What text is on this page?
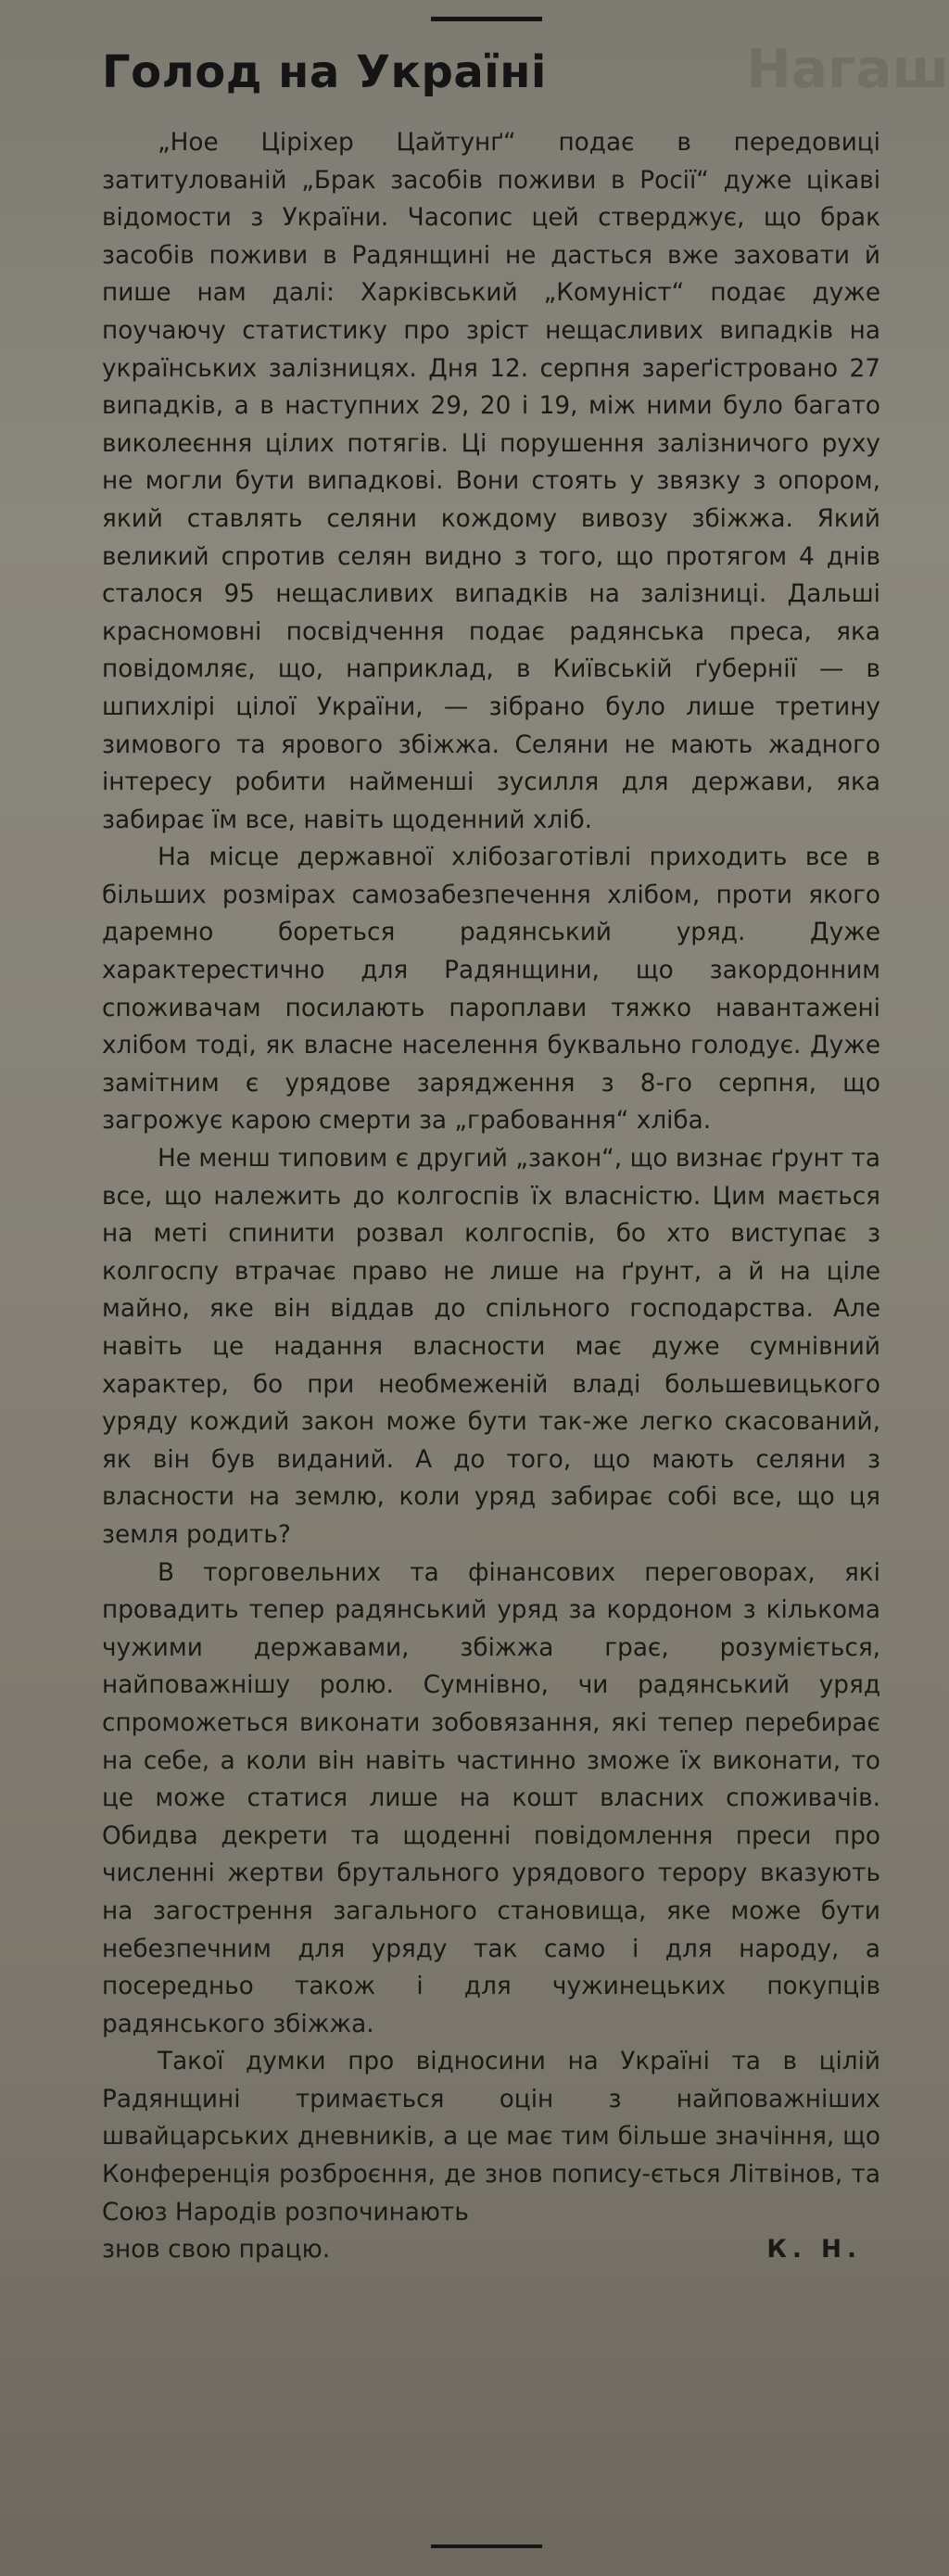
Нагаш
Голод на Україні

„Ное Ціріхер Цайтунґ“ подає в передовиці затитулованій „Брак засобів поживи в Росії“ дуже цікаві відомости з України. Часопис цей стверджує, що брак засобів поживи в Радянщині не дасться вже заховати й пише нам далі: Харківський „Комуніст“ подає дуже поучаючу статистику про зріст нещасливих випадків на українських залізницях. Дня 12. серпня зареґістровано 27 випадків, а в наступних 29, 20 і 19, між ними було багато виколеєння цілих потягів. Ці порушення залізничого руху не могли бути випадкові. Вони стоять у звязку з опором, який ставлять селяни кождому вивозу збіжжа. Який великий спротив селян видно з того, що протягом 4 днів сталося 95 нещасливих випадків на залізниці. Дальші красномовні посвідчення подає радянська преса, яка повідомляє, що, наприклад, в Київській ґуберніï — в шпихлірі цілої України, — зібрано було лише третину зимового та ярового збіжжа. Селяни не мають жадного інтересу робити найменші зусилля для держави, яка забирає їм все, навіть щоденний хліб.

На місце державної хлібозаготівлі приходить все в більших розмірах самозабезпечення хлібом, проти якого даремно бореться радянський уряд. Дуже характерестично для Радянщини, що закордонним споживачам посилають пароплави тяжко навантажені хлібом тоді, як власне населення буквально голодує. Дуже замітним є урядове зарядження з 8-го серпня, що загрожує карою смерти за „грабовання“ хліба.

Не менш типовим є другий „закон“, що визнає ґрунт та все, що належить до колгоспів їх власністю. Цим мається на меті спинити розвал колгоспів, бо хто виступає з колгоспу втрачає право не лише на ґрунт, а й на ціле майно, яке він віддав до спільного господарства. Але навіть це надання власности має дуже сумнівний характер, бо при необмеженій владі большевицького уряду кождий закон може бути так-же легко скасований, як він був виданий. А до того, що мають селяни з власности на землю, коли уряд забирає собі все, що ця земля родить?

В торговельних та фінансових переговорах, які провадить тепер радянський уряд за кордоном з кількома чужими державами, збіжжа грає, розуміється, найповажнішу ролю. Сумнівно, чи радянський уряд спроможеться виконати зобовязання, які тепер перебирає на себе, а коли він навіть частинно зможе їх виконати, то це може статися лише на кошт власних споживачів. Обидва декрети та щоденні повідомлення преси про численні жертви брутального урядового терору вказують на загострення загального становища, яке може бути небезпечним для уряду так само і для народу, а посередньо також і для чужинецьких покупців радянського збіжжа.

Такої думки про відносини на Україні та в цілій Радянщині тримається оцін з найповажніших швайцарських дневників, а це має тим більше значіння, що Конференція розброєння, де знов попису-ється Літвінов, та Союз Народів розпочинають

знов свою працю.	К. Н.
